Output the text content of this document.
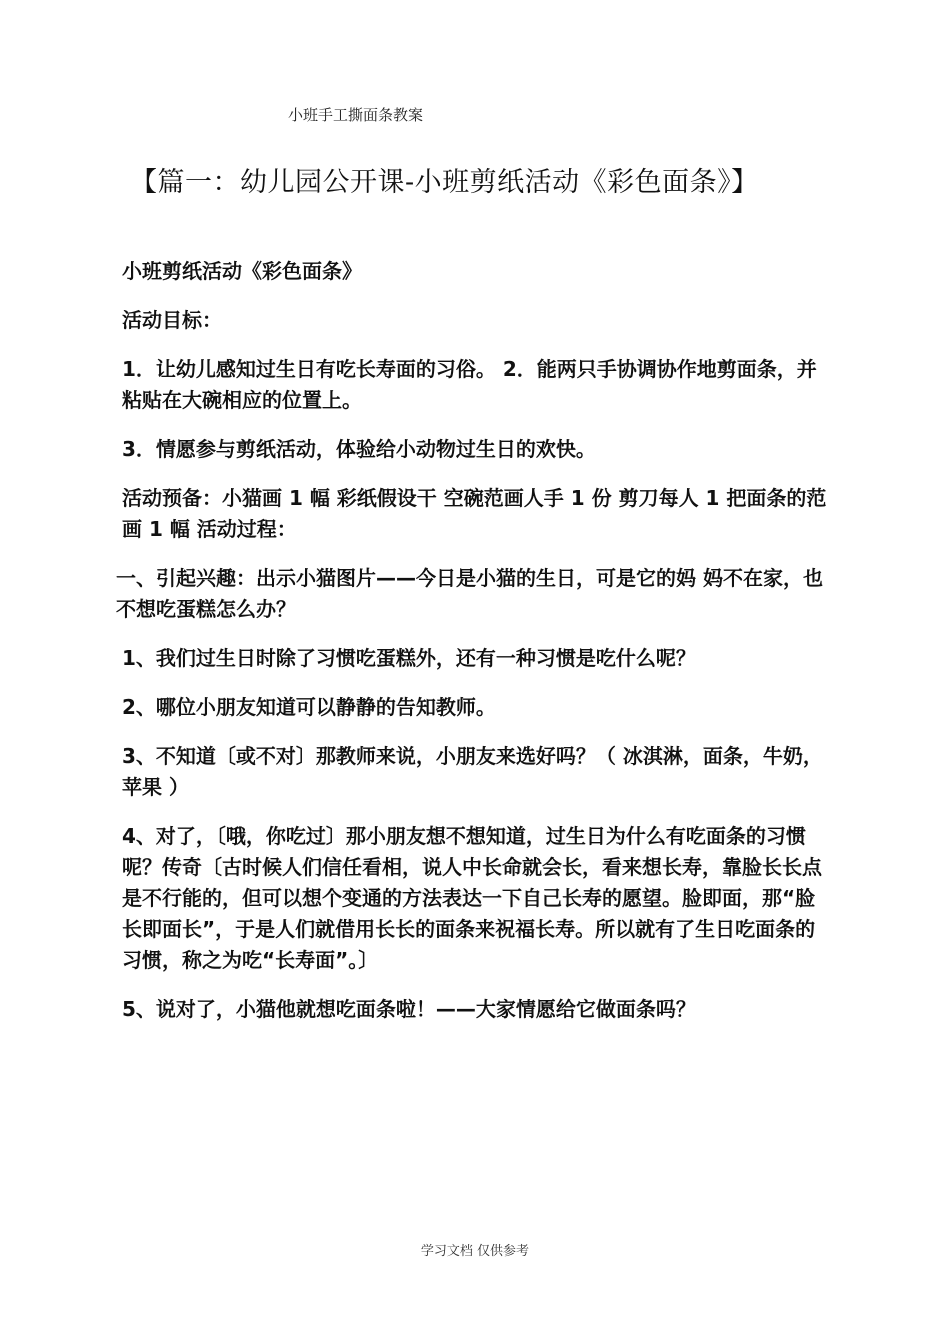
小班手工撕面条教案
【篇一：幼儿园公开课-小班剪纸活动《彩色面条》】

小班剪纸活动《彩色面条》

活动目标：

1．让幼儿感知过生日有吃长寿面的习俗。 2．能两只手协调协作地剪面条，并粘贴在大碗相应的位置上。

3．情愿参与剪纸活动，体验给小动物过生日的欢快。

活动预备：小猫画 1 幅 彩纸假设干 空碗范画人手 1 份 剪刀每人 1 把面条的范画 1 幅 活动过程：

一、引起兴趣：出示小猫图片——今日是小猫的生日，可是它的妈 妈不在家，也不想吃蛋糕怎么办？

1、我们过生日时除了习惯吃蛋糕外，还有一种习惯是吃什么呢？

2、哪位小朋友知道可以静静的告知教师。

3、不知道〔或不对〕那教师来说，小朋友来选好吗？（ 冰淇淋，面条，牛奶，苹果 ）

4、对了，〔哦，你吃过〕那小朋友想不想知道，过生日为什么有吃面条的习惯呢？传奇〔古时候人们信任看相，说人中长命就会长，看来想长寿，靠脸长长点是不行能的，但可以想个变通的方法表达一下自己长寿的愿望。脸即面，那“脸长即面长”，于是人们就借用长长的面条来祝福长寿。所以就有了生日吃面条的习惯，称之为吃“长寿面”。〕

5、说对了，小猫他就想吃面条啦！——大家情愿给它做面条吗？

学习文档 仅供参考
